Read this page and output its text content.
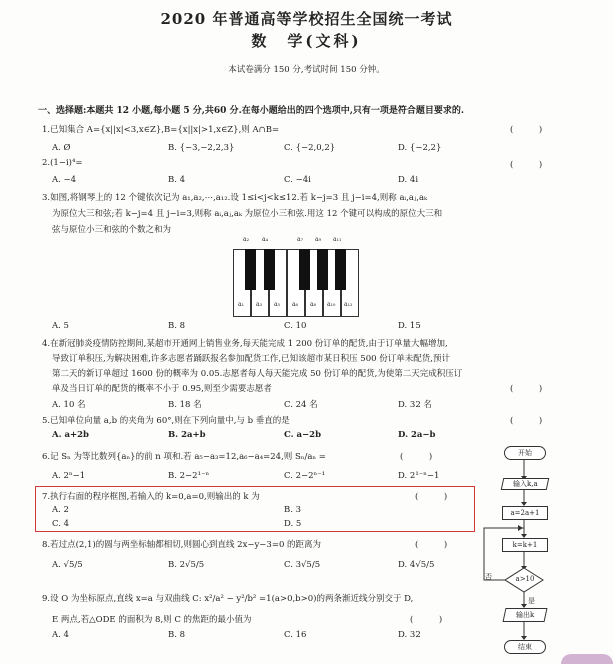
2020 年普通高等学校招生全国统一考试
数　学(文科)
本试卷满分 150 分,考试时间 150 分钟。
一、选择题:本题共 12 小题,每小题 5 分,共60 分.在每小题给出的四个选项中,只有一项是符合题目要求的.
1.已知集合 A={x||x|<3,x∈Z},B={x||x|>1,x∈Z},则 A∩B=	(　　　)
A. Ø	B. {−3,−2,2,3}	C. {−2,0,2}	D. {−2,2}
2.(1−i)⁴=	(　　　)
A. −4	B. 4	C. −4i	D. 4i
3.如图,将钢琴上的 12 个键依次记为 a₁,a₂,⋯,a₁₂.设 1≤i<j<k≤12.若 k−j=3 且 j−i=4,则称 aᵢ,aⱼ,aₖ
为原位大三和弦;若 k−j=4 且 j−i=3,则称 aᵢ,aⱼ,aₖ 为原位小三和弦.用这 12 个键可以构成的原位大三和
弦与原位小三和弦的个数之和为
a₂ a₄	a₇ a₉ a₁₁
a₁ a₃ a₅ a₆ a₈ a₁₀ a₁₂
A. 5	B. 8	C. 10	D. 15
4.在新冠肺炎疫情防控期间,某超市开通网上销售业务,每天能完成 1 200 份订单的配货,由于订单量大幅增加,
导致订单积压,为解决困难,许多志愿者踊跃报名参加配货工作,已知该超市某日积压 500 份订单未配货,预计
第二天的新订单超过 1600 份的概率为 0.05.志愿者每人每天能完成 50 份订单的配货,为使第二天完成积压订
单及当日订单的配货的概率不小于 0.95,则至少需要志愿者	(　　　)
A. 10 名	B. 18 名	C. 24 名	D. 32 名
5.已知单位向量 a,b 的夹角为 60°,则在下列向量中,与 b 垂直的是	(　　　)
A. a+2b	B. 2a+b	C. a−2b	D. 2a−b
6.记 Sₙ 为等比数列{aₙ}的前 n 项和.若 a₅−a₃=12,a₆−a₄=24,则 Sₙ/aₙ =	(　　　)
A. 2ⁿ−1	B. 2−2¹⁻ⁿ	C. 2−2ⁿ⁻¹	D. 2¹⁻ⁿ−1
7.执行右面的程序框图,若输入的 k=0,a=0,则输出的 k 为	(　　　)
A. 2	B. 3
C. 4	D. 5
8.若过点(2,1)的圆与两坐标轴都相切,则圆心到直线 2x−y−3=0 的距离为	(　　　)
A. √5/5	B. 2√5/5	C. 3√5/5	D. 4√5/5
9.设 O 为坐标原点,直线 x=a 与双曲线 C: x²/a² − y²/b² =1(a>0,b>0)的两条渐近线分别交于 D,
E 两点,若△ODE 的面积为 8,则 C 的焦距的最小值为	(　　　)
A. 4	B. 8	C. 16	D. 32
开始
输入k,a
a=2a+1
k=k+1
a>10
否
是
输出k
结束
